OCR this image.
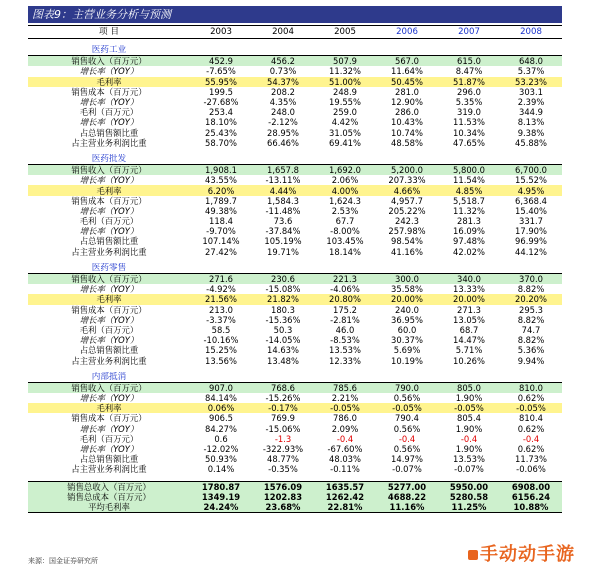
图表9：主营业务分析与预测
项 目	2003	2004	2005	2006	2007	2008

医药工业						
销售收入（百万元）	452.9	456.2	507.9	567.0	615.0	648.0
增长率（YOY）	-7.65%	0.73%	11.32%	11.64%	8.47%	5.37%
毛利率	55.95%	54.37%	51.00%	50.45%	51.87%	53.23%
销售成本（百万元）	199.5	208.2	248.9	281.0	296.0	303.1
增长率（YOY）	-27.68%	4.35%	19.55%	12.90%	5.35%	2.39%
毛利（百万元）	253.4	248.0	259.0	286.0	319.0	344.9
增长率（YOY）	18.10%	-2.12%	4.42%	10.43%	11.53%	8.13%
占总销售额比重	25.43%	28.95%	31.05%	10.74%	10.34%	9.38%
占主营业务利润比重	58.70%	66.46%	69.41%	48.58%	47.65%	45.88%

医药批发						
销售收入（百万元）	1,908.1	1,657.8	1,692.0	5,200.0	5,800.0	6,700.0
增长率（YOY）	43.55%	-13.11%	2.06%	207.33%	11.54%	15.52%
毛利率	6.20%	4.44%	4.00%	4.66%	4.85%	4.95%
销售成本（百万元）	1,789.7	1,584.3	1,624.3	4,957.7	5,518.7	6,368.4
增长率（YOY）	49.38%	-11.48%	2.53%	205.22%	11.32%	15.40%
毛利（百万元）	118.4	73.6	67.7	242.3	281.3	331.7
增长率（YOY）	-9.70%	-37.84%	-8.00%	257.98%	16.09%	17.90%
占总销售额比重	107.14%	105.19%	103.45%	98.54%	97.48%	96.99%
占主营业务利润比重	27.42%	19.71%	18.14%	41.16%	42.02%	44.12%

医药零售						
销售收入（百万元）	271.6	230.6	221.3	300.0	340.0	370.0
增长率（YOY）	-4.92%	-15.08%	-4.06%	35.58%	13.33%	8.82%
毛利率	21.56%	21.82%	20.80%	20.00%	20.00%	20.20%
销售成本（百万元）	213.0	180.3	175.2	240.0	271.3	295.3
增长率（YOY）	-3.37%	-15.36%	-2.81%	36.95%	13.05%	8.82%
毛利（百万元）	58.5	50.3	46.0	60.0	68.7	74.7
增长率（YOY）	-10.16%	-14.05%	-8.53%	30.37%	14.47%	8.82%
占总销售额比重	15.25%	14.63%	13.53%	5.69%	5.71%	5.36%
占主营业务利润比重	13.56%	13.48%	12.33%	10.19%	10.26%	9.94%

内部抵消						
销售收入（百万元）	907.0	768.6	785.6	790.0	805.0	810.0
增长率（YOY）	84.14%	-15.26%	2.21%	0.56%	1.90%	0.62%
毛利率	0.06%	-0.17%	-0.05%	-0.05%	-0.05%	-0.05%
销售成本（百万元）	906.5	769.9	786.0	790.4	805.4	810.4
增长率（YOY）	84.27%	-15.06%	2.09%	0.56%	1.90%	0.62%
毛利（百万元）	0.6	-1.3	-0.4	-0.4	-0.4	-0.4
增长率（YOY）	-12.02%	-322.93%	-67.60%	0.56%	1.90%	0.62%
占总销售额比重	50.93%	48.77%	48.03%	14.97%	13.53%	11.73%
占主营业务利润比重	0.14%	-0.35%	-0.11%	-0.07%	-0.07%	-0.06%

销售总收入（百万元）	1780.87	1576.09	1635.57	5277.00	5950.00	6908.00
销售总成本（百万元）	1349.19	1202.83	1262.42	4688.22	5280.58	6156.24
平均毛利率	24.24%	23.68%	22.81%	11.16%	11.25%	10.88%
来源：国金证券研究所	手动动手游
